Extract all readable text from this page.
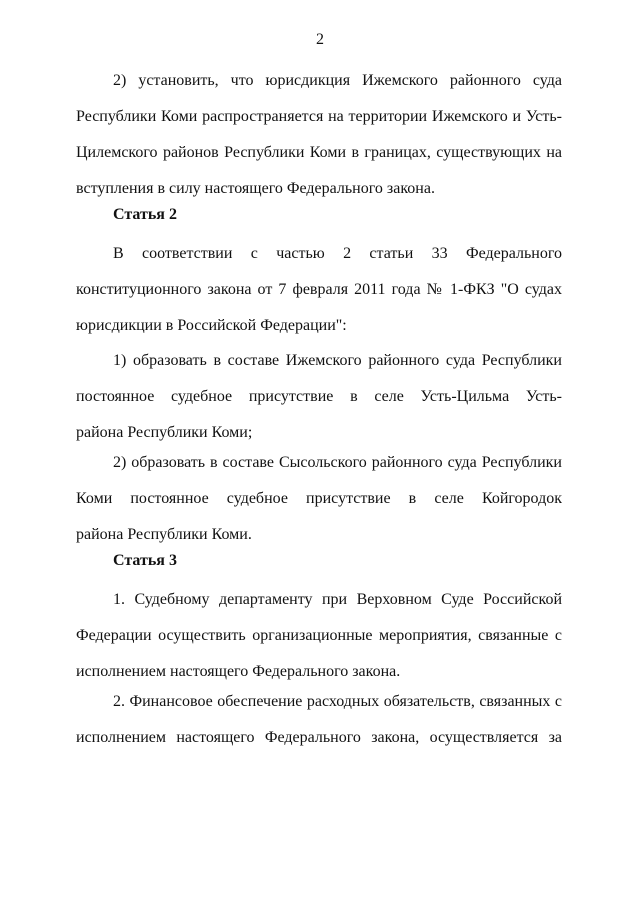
2
2) установить, что юрисдикция Ижемского районного суда
Республики Коми распространяется на территории Ижемского и Усть-
Цилемского районов Республики Коми в границах, существующих на
вступления в силу настоящего Федерального закона.
Статья 2
В соответствии с частью 2 статьи 33 Федерального
конституционного закона от 7 февраля 2011 года № 1-ФКЗ "О судах
юрисдикции в Российской Федерации":
1) образовать в составе Ижемского районного суда Республики
постоянное судебное присутствие в селе Усть-Цильма Усть-
района Республики Коми;
2) образовать в составе Сысольского районного суда Республики
Коми постоянное судебное присутствие в селе Койгородок
района Республики Коми.
Статья 3
1. Судебному департаменту при Верховном Суде Российской
Федерации осуществить организационные мероприятия, связанные с
исполнением настоящего Федерального закона.
2. Финансовое обеспечение расходных обязательств, связанных с
исполнением настоящего Федерального закона, осуществляется за
